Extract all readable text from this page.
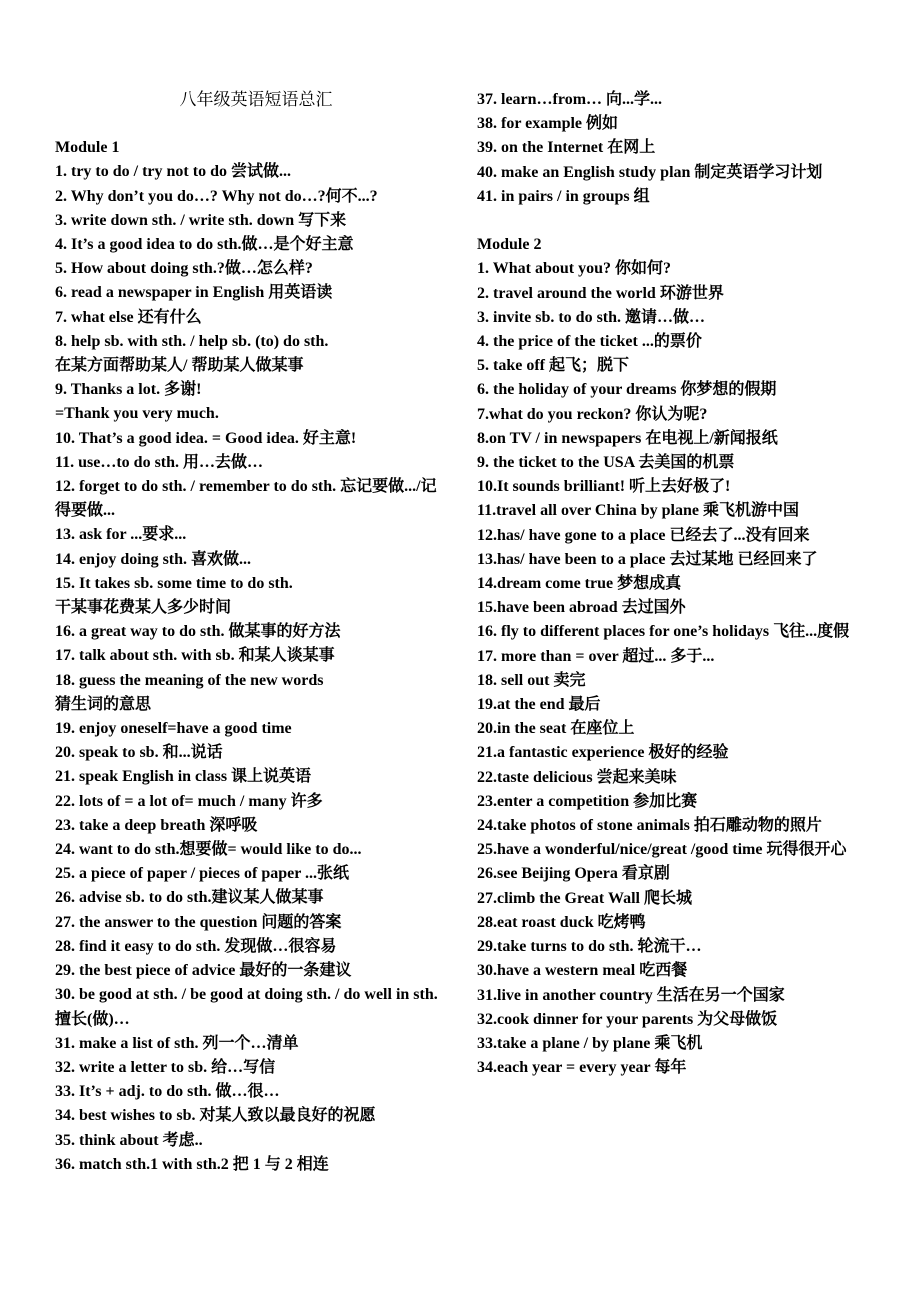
八年级英语短语总汇
Module 1
1. try to do / try not to do 尝试做...
2. Why don’t you do…? Why not do…?何不...?
3. write down sth. / write sth. down 写下来
4. It’s a good idea to do sth.做…是个好主意
5. How about doing sth.?做…怎么样?
6. read a newspaper in English 用英语读
7. what else 还有什么
8. help sb. with sth. / help sb. (to) do sth.
在某方面帮助某人/ 帮助某人做某事
9. Thanks a lot. 多谢!
=Thank you very much.
10. That’s a good idea. = Good idea. 好主意!
11. use…to do sth. 用…去做…
12. forget to do sth. / remember to do sth. 忘记要做.../记得要做...
13. ask for ...要求...
14. enjoy doing sth. 喜欢做...
15. It takes sb. some time to do sth.
干某事花费某人多少时间
16. a great way to do sth. 做某事的好方法
17. talk about sth. with sb. 和某人谈某事
18. guess the meaning of the new words
猜生词的意思
19. enjoy oneself=have a good time
20. speak to sb. 和...说话
21. speak English in class 课上说英语
22. lots of = a lot of= much / many 许多
23. take a deep breath 深呼吸
24. want to do sth.想要做= would like to do...
25. a piece of paper / pieces of paper ...张纸
26. advise sb. to do sth.建议某人做某事
27. the answer to the question 问题的答案
28. find it easy to do sth. 发现做…很容易
29. the best piece of advice 最好的一条建议
30. be good at sth. / be good at doing sth. / do well in sth.擅长(做)…
31. make a list of sth. 列一个…清单
32. write a letter to sb. 给…写信
33. It’s + adj. to do sth. 做…很…
34. best wishes to sb. 对某人致以最良好的祝愿
35. think about 考虑..
36. match sth.1 with sth.2 把 1 与 2 相连
37. learn…from… 向...学...
38. for example 例如
39. on the Internet 在网上
40. make an English study plan 制定英语学习计划
41. in pairs / in groups 组
Module 2
1. What about you? 你如何?
2. travel around the world 环游世界
3. invite sb. to do sth. 邀请…做…
4. the price of the ticket ...的票价
5. take off 起飞；脱下
6. the holiday of your dreams 你梦想的假期
7.what do you reckon? 你认为呢?
8.on TV / in newspapers 在电视上/新闻报纸
9. the ticket to the USA 去美国的机票
10.It sounds brilliant! 听上去好极了!
11.travel all over China by plane 乘飞机游中国
12.has/ have gone to a place 已经去了...没有回来
13.has/ have been to a place 去过某地 已经回来了
14.dream come true 梦想成真
15.have been abroad 去过国外
16. fly to different places for one’s holidays 飞往...度假
17. more than = over 超过... 多于...
18. sell out 卖完
19.at the end 最后
20.in the seat 在座位上
21.a fantastic experience 极好的经验
22.taste delicious 尝起来美味
23.enter a competition 参加比赛
24.take photos of stone animals 拍石雕动物的照片
25.have a wonderful/nice/great /good time 玩得很开心
26.see Beijing Opera 看京剧
27.climb the Great Wall 爬长城
28.eat roast duck 吃烤鸭
29.take turns to do sth. 轮流干…
30.have a western meal 吃西餐
31.live in another country 生活在另一个国家
32.cook dinner for your parents 为父母做饭
33.take a plane / by plane 乘飞机
34.each year = every year 每年
